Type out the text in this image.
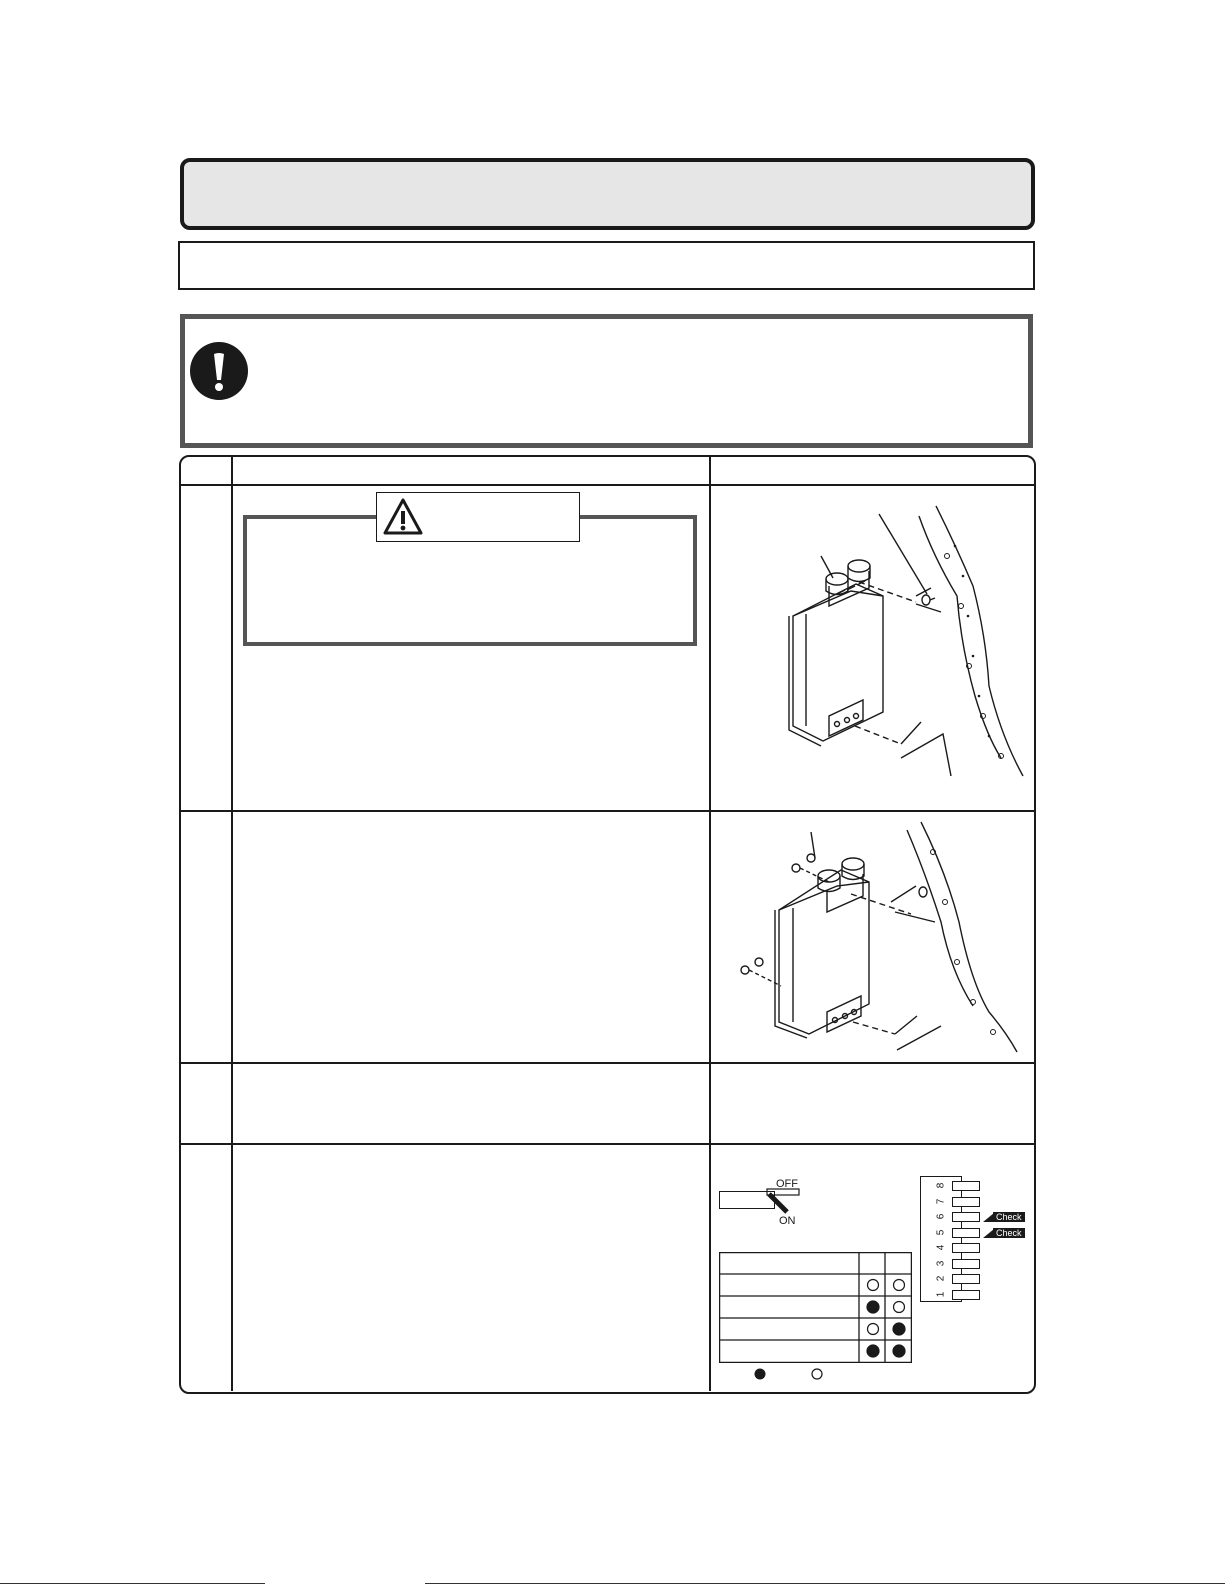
OFF
ON
8
7
6
5
4
3
2
1
Check
Check
